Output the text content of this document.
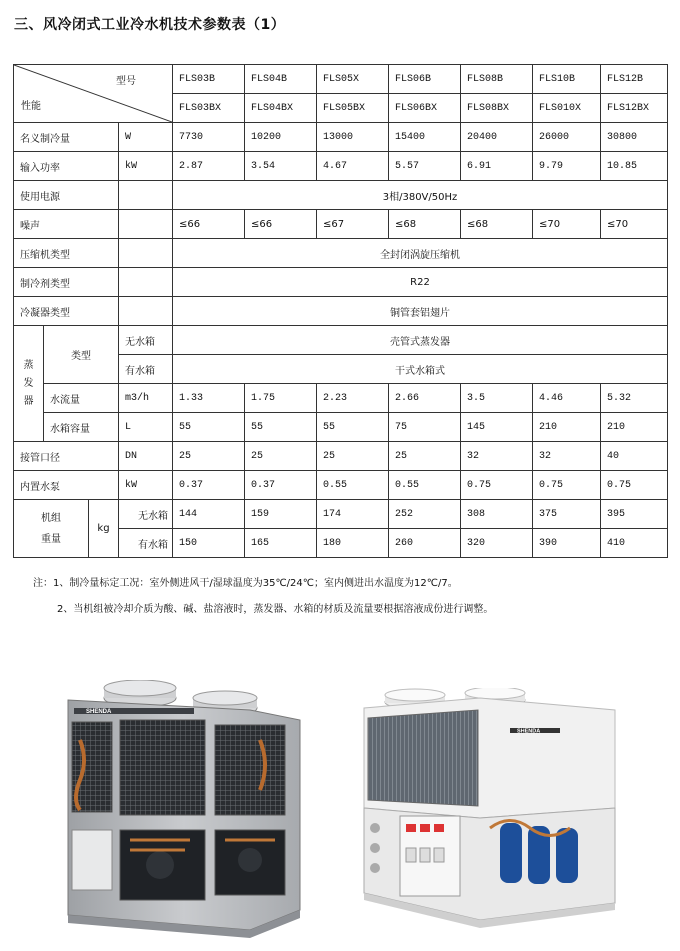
三、风冷闭式工业冷水机技术参数表（1）
型号
性能				FLS03B	FLS04B	FLS05X	FLS06B	FLS08B	FLS10B	FLS12B
				FLS03BX	FLS04BX	FLS05BX	FLS06BX	FLS08BX	FLS010X	FLS12BX
名义制冷量			W	7730	10200	13000	15400	20400	26000	30800
输入功率			kW	2.87	3.54	4.67	5.57	6.91	9.79	10.85
使用电源				3相/380V/50Hz						
噪声				≤66	≤66	≤67	≤68	≤68	≤70	≤70
压缩机类型				全封闭涡旋压缩机						
制冷剂类型				R22						
冷凝器类型				铜管套铝翅片						
蒸发器	类型		无水箱	壳管式蒸发器						
			有水箱	干式水箱式						
	水流量		m3/h	1.33	1.75	2.23	2.66	3.5	4.46	5.32
	水箱容量		L	55	55	55	75	145	210	210
接管口径			DN	25	25	25	25	32	32	40
内置水泵			kW	0.37	0.37	0.55	0.55	0.75	0.75	0.75

机组
重量		kg	无水箱	144	159	174	252	308	375	395
			有水箱	150	165	180	260	320	390	410
注：1、制冷量标定工况：室外侧进风干/湿球温度为35℃/24℃；室内侧进出水温度为12℃/7。
2、当机组被冷却介质为酸、碱、盐溶液时，蒸发器、水箱的材质及流量要根据溶液成份进行调整。
SHENDA
SHENDA
